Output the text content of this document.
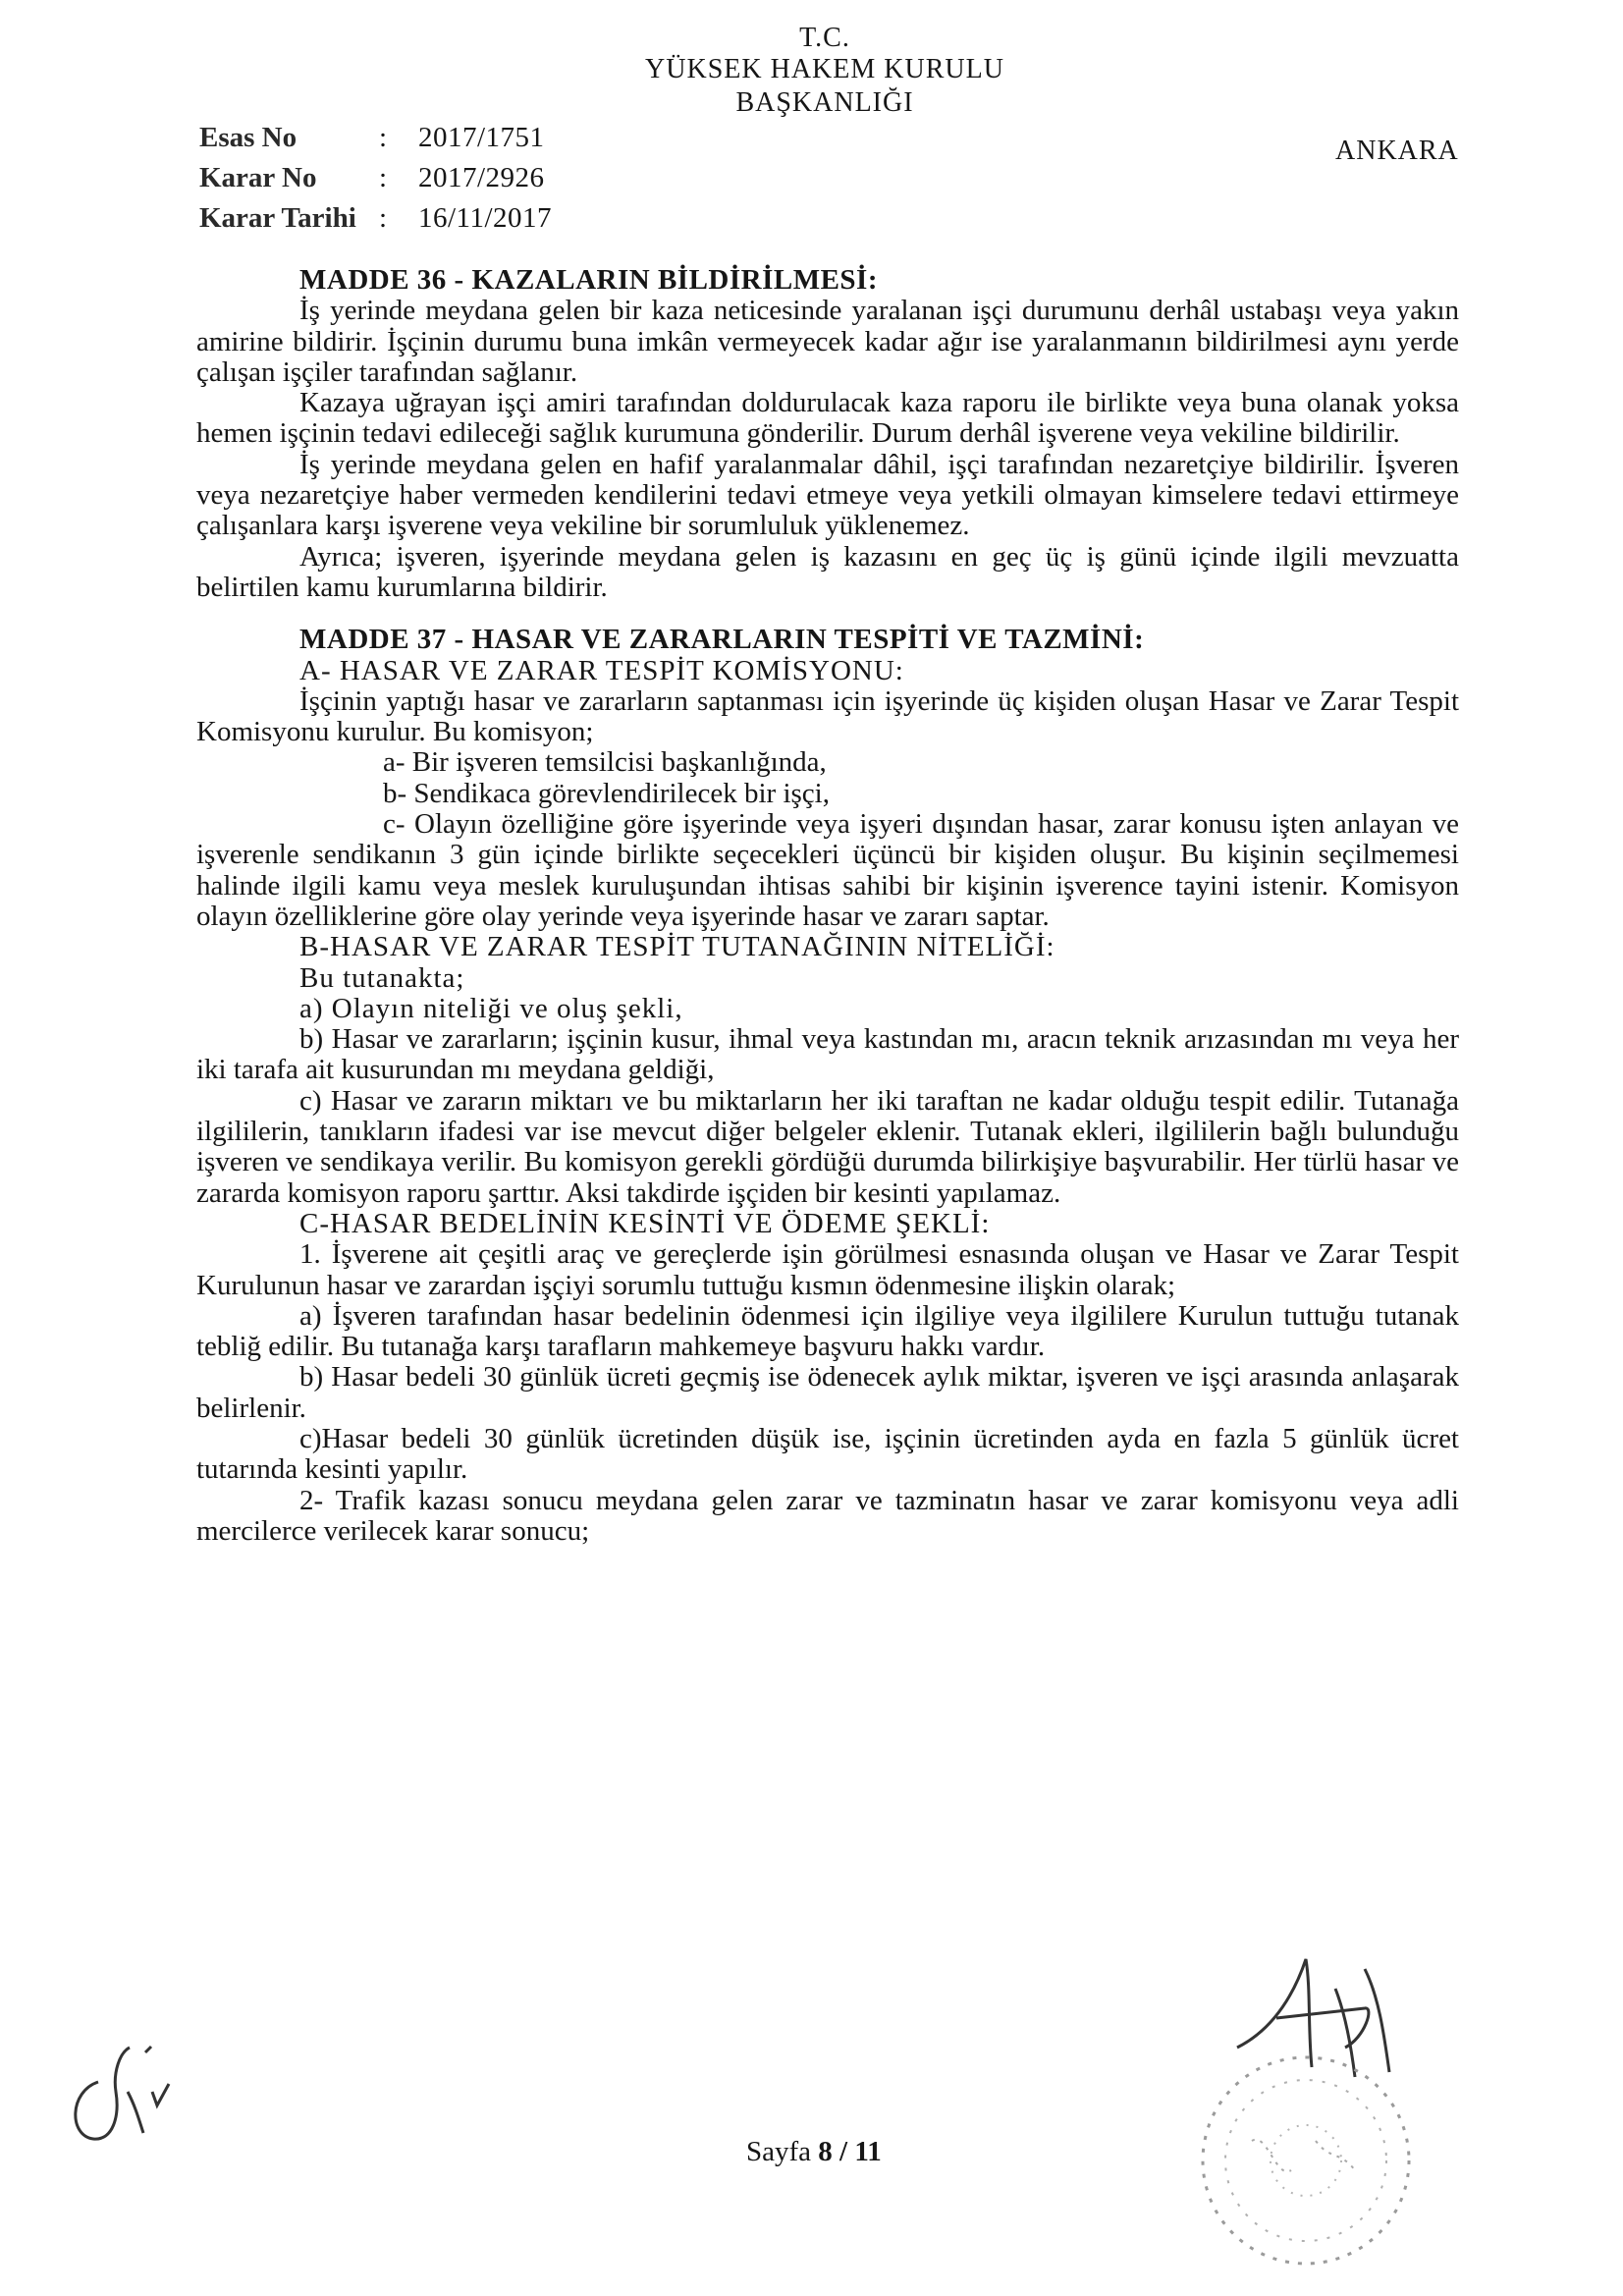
T.C.
YÜKSEK HAKEM KURULU
BAŞKANLIĞI
ANKARA
Esas No	:	2017/1751
Karar No	:	2017/2926
Karar Tarihi :	16/11/2017

MADDE 36 - KAZALARIN BİLDİRİLMESİ:

İş yerinde meydana gelen bir kaza neticesinde yaralanan işçi durumunu derhâl ustabaşı veya yakın amirine bildirir. İşçinin durumu buna imkân vermeyecek kadar ağır ise yaralanmanın bildirilmesi aynı yerde çalışan işçiler tarafından sağlanır.

Kazaya uğrayan işçi amiri tarafından doldurulacak kaza raporu ile birlikte veya buna olanak yoksa hemen işçinin tedavi edileceği sağlık kurumuna gönderilir. Durum derhâl işverene veya vekiline bildirilir.

İş yerinde meydana gelen en hafif yaralanmalar dâhil, işçi tarafından nezaretçiye bildirilir. İşveren veya nezaretçiye haber vermeden kendilerini tedavi etmeye veya yetkili olmayan kimselere tedavi ettirmeye çalışanlara karşı işverene veya vekiline bir sorumluluk yüklenemez.

Ayrıca; işveren, işyerinde meydana gelen iş kazasını en geç üç iş günü içinde ilgili mevzuatta belirtilen kamu kurumlarına bildirir.

MADDE 37 - HASAR VE ZARARLARIN TESPİTİ VE TAZMİNİ:

A- HASAR VE ZARAR TESPİT KOMİSYONU:

İşçinin yaptığı hasar ve zararların saptanması için işyerinde üç kişiden oluşan Hasar ve Zarar Tespit Komisyonu kurulur. Bu komisyon;

a- Bir işveren temsilcisi başkanlığında,

b- Sendikaca görevlendirilecek bir işçi,

c- Olayın özelliğine göre işyerinde veya işyeri dışından hasar, zarar konusu işten anlayan ve işverenle sendikanın 3 gün içinde birlikte seçecekleri üçüncü bir kişiden oluşur. Bu kişinin seçilmemesi halinde ilgili kamu veya meslek kuruluşundan ihtisas sahibi bir kişinin işverence tayini istenir. Komisyon olayın özelliklerine göre olay yerinde veya işyerinde hasar ve zararı saptar.

B-HASAR VE ZARAR TESPİT TUTANAĞININ NİTELİĞİ:

Bu tutanakta;

a) Olayın niteliği ve oluş şekli,

b) Hasar ve zararların; işçinin kusur, ihmal veya kastından mı, aracın teknik arızasından mı veya her iki tarafa ait kusurundan mı meydana geldiği,

c) Hasar ve zararın miktarı ve bu miktarların her iki taraftan ne kadar olduğu tespit edilir. Tutanağa ilgililerin, tanıkların ifadesi var ise mevcut diğer belgeler eklenir. Tutanak ekleri, ilgililerin bağlı bulunduğu işveren ve sendikaya verilir. Bu komisyon gerekli gördüğü durumda bilirkişiye başvurabilir. Her türlü hasar ve zararda komisyon raporu şarttır. Aksi takdirde işçiden bir kesinti yapılamaz.

C-HASAR BEDELİNİN KESİNTİ VE ÖDEME ŞEKLİ:

1. İşverene ait çeşitli araç ve gereçlerde işin görülmesi esnasında oluşan ve Hasar ve Zarar Tespit Kurulunun hasar ve zarardan işçiyi sorumlu tuttuğu kısmın ödenmesine ilişkin olarak;

a) İşveren tarafından hasar bedelinin ödenmesi için ilgiliye veya ilgililere Kurulun tuttuğu tutanak tebliğ edilir. Bu tutanağa karşı tarafların mahkemeye başvuru hakkı vardır.

b) Hasar bedeli 30 günlük ücreti geçmiş ise ödenecek aylık miktar, işveren ve işçi arasında anlaşarak belirlenir.

c)Hasar bedeli 30 günlük ücretinden düşük ise, işçinin ücretinden ayda en fazla 5 günlük ücret tutarında kesinti yapılır.

2- Trafik kazası sonucu meydana gelen zarar ve tazminatın hasar ve zarar komisyonu veya adli mercilerce verilecek karar sonucu;

Sayfa 8 / 11
